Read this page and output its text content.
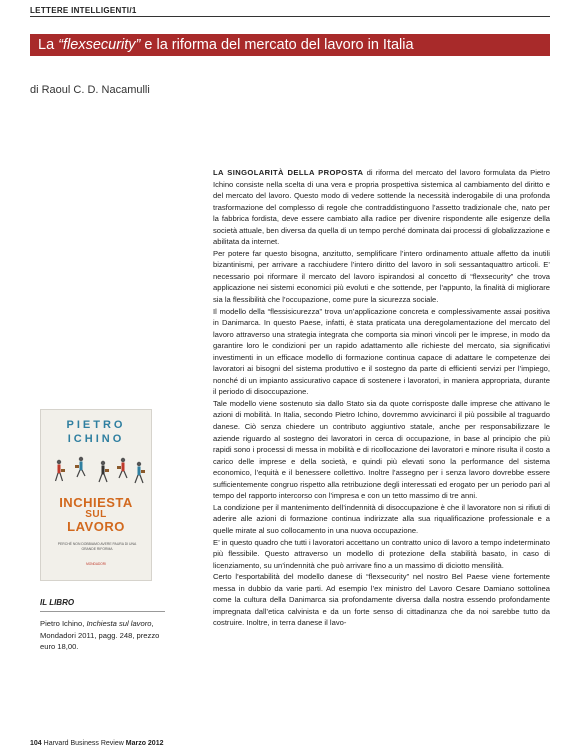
LETTERE INTELLIGENTI/1
La “flexsecurity” e la riforma del mercato del lavoro in Italia
di Raoul C. D. Nacamulli

LA SINGOLARITÀ DELLA PROPOSTA di riforma del mercato del lavoro formulata da Pietro Ichino consiste nella scelta di una vera e propria prospettiva sistemica al cambiamento del diritto e del mercato del lavoro. Questo modo di vedere sottende la necessità inderogabile di una profonda trasformazione del complesso di regole che contraddistinguono l’assetto tradizionale che, nato per la fabbrica fordista, deve essere cambiato alla radice per divenire rispondente alle esigenze della società attuale, ben diversa da quella di un tempo perché dominata dai processi di globalizzazione e abilitata da internet.

Per potere far questo bisogna, anzitutto, semplificare l’intero ordinamento attuale affetto da inutili bizantinismi, per arrivare a racchiudere l’intero diritto del lavoro in soli sessantaquattro articoli. E’ necessario poi riformare il mercato del lavoro ispirandosi al concetto di “flexsecurity” che trova applicazione nei sistemi economici più evoluti e che sottende, per l’appunto, la finalità di migliorare sia la flessibilità che l’occupazione, come pure la sicurezza sociale.

Il modello della “flessisicurezza” trova un’applicazione concreta e complessivamente assai positiva in Danimarca. In questo Paese, infatti, è stata praticata una deregolamentazione del mercato del lavoro attraverso una strategia integrata che comporta sia minori vincoli per le imprese, in modo da garantire loro le condizioni per un rapido adattamento alle richieste del mercato, sia significativi investimenti in un efficace modello di formazione continua capace di adattare le competenze dei lavoratori ai bisogni del sistema produttivo e il sostegno da parte di efficienti servizi per l’impiego, nonché di un impianto assicurativo capace di sostenere i lavoratori, in maniera appropriata, durante il periodo di disoccupazione.

Tale modello viene sostenuto sia dallo Stato sia da quote corrisposte dalle imprese che attivano le azioni di mobilità. In Italia, secondo Pietro Ichino, dovremmo avvicinarci il più possibile al traguardo danese. Ciò senza chiedere un contributo aggiuntivo statale, anche per responsabilizzare le aziende riguardo al sostegno dei lavoratori in cerca di occupazione, in base al principio che più rapidi sono i processi di messa in mobilità e di ricollocazione dei lavoratori e minore risulta il costo a carico delle imprese e della società, e quindi più elevati sono la performance del sistema economico, l’equità e il benessere collettivo. Inoltre l’assegno per i senza lavoro dovrebbe essere sufficientemente congruo rispetto alla retribuzione degli interessati ed erogato per un periodo pari al tempo del rapporto intercorso con l’impresa e con un tetto massimo di tre anni.

La condizione per il mantenimento dell’indennità di disoccupazione è che il lavoratore non si rifiuti di aderire alle azioni di formazione continua indirizzate alla sua riqualificazione professionale e a quelle mirate al suo collocamento in una nuova occupazione.

E’ in questo quadro che tutti i lavoratori accettano un contratto unico di lavoro a tempo indeterminato più flessibile. Questo attraverso un modello di protezione della stabilità basato, in caso di licenziamento, su un’indennità che può arrivare fino a un massimo di diciotto mensilità.

Certo l’esportabilità del modello danese di “flexsecurity” nel nostro Bel Paese viene fortemente messa in dubbio da varie parti. Ad esempio l’ex ministro del Lavoro Cesare Damiano sottolinea come la cultura della Danimarca sia profondamente diversa dalla nostra essendo profondamente impregnata dall’etica calvinista e da un forte senso di cittadinanza che da noi sarebbe tutto da costruire. Inoltre, in terra danese il lavo-

PIETRO
ICHINO
INCHIESTA
SUL
LAVORO
PERCHÉ NON DOBBIAMO AVERE PAURA DI UNA GRANDE RIFORMA
MONDADORI
IL LIBRO
Pietro Ichino, Inchiesta sul lavoro, Mondadori 2011, pagg. 248, prezzo euro 18,00.
104 Harvard Business Review Marzo 2012
